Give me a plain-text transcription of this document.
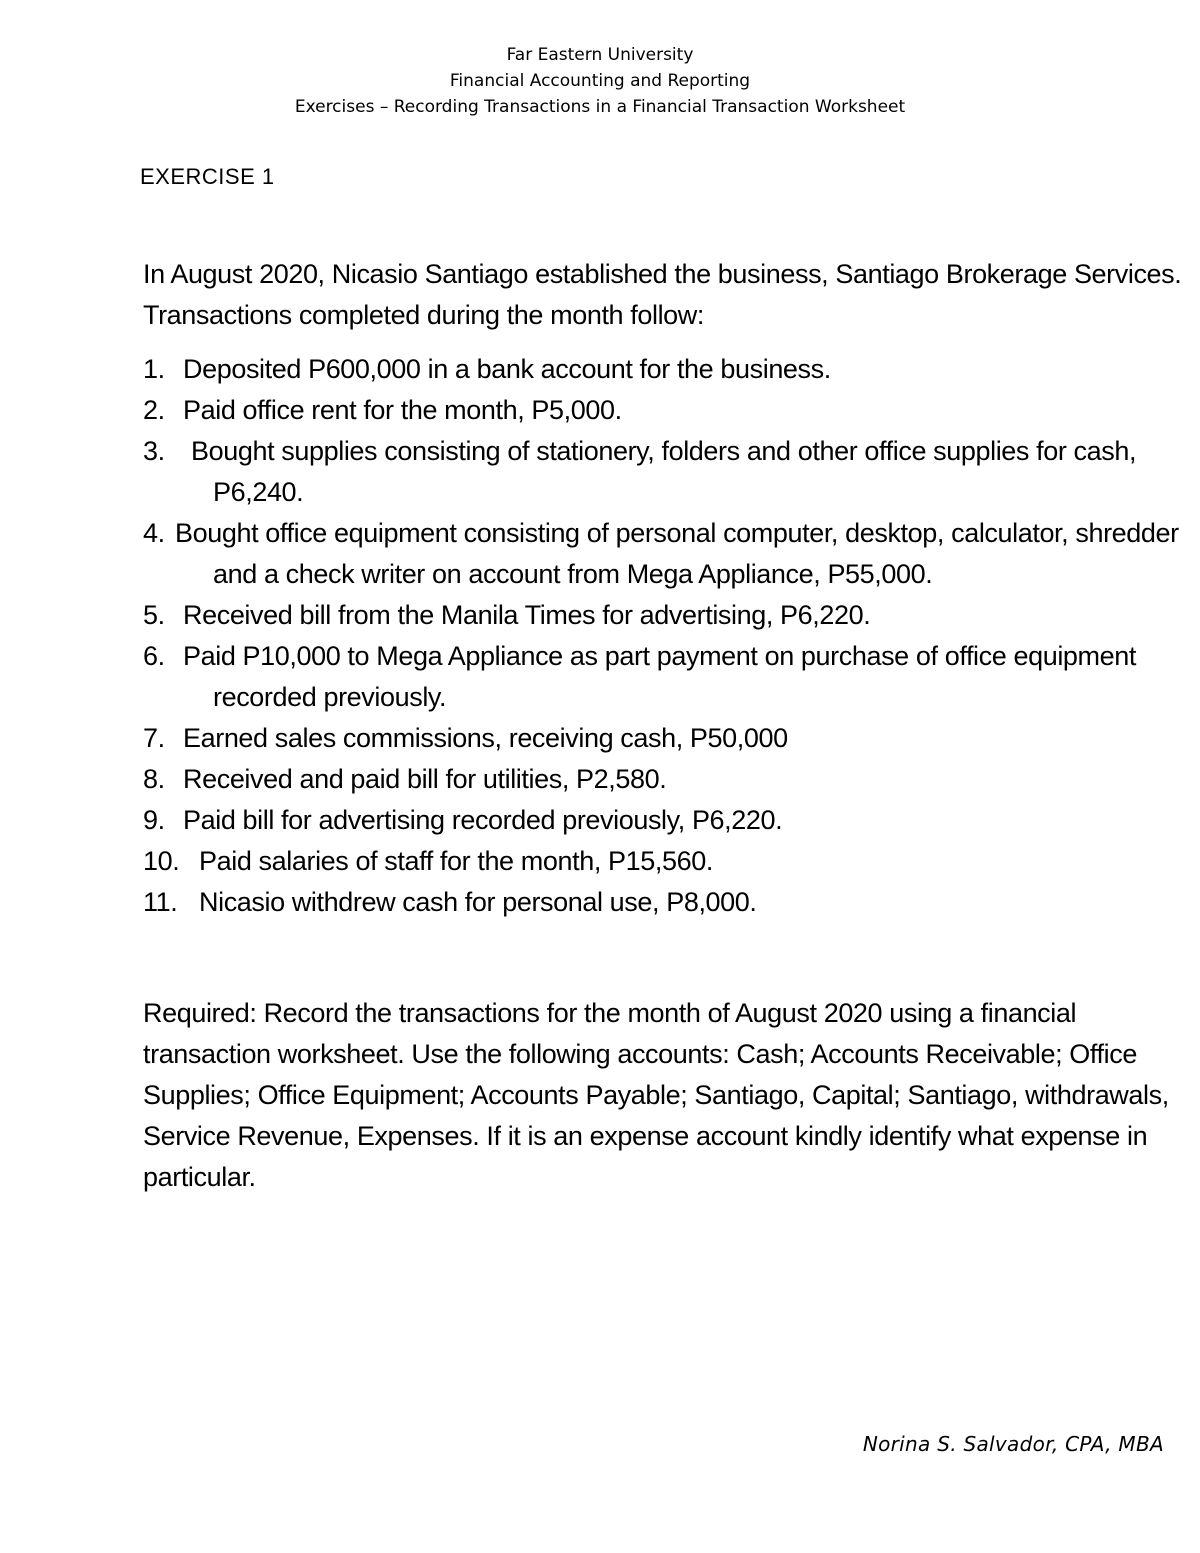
Far Eastern University
Financial Accounting and Reporting
Exercises – Recording Transactions in a Financial Transaction Worksheet
EXERCISE 1
In August 2020, Nicasio Santiago established the business, Santiago Brokerage Services. Transactions completed during the month follow:
1. Deposited P600,000 in a bank account for the business.
2. Paid office rent for the month, P5,000.
3. Bought supplies consisting of stationery, folders and other office supplies for cash, P6,240.
4. Bought office equipment consisting of personal computer, desktop, calculator, shredder and a check writer on account from Mega Appliance, P55,000.
5. Received bill from the Manila Times for advertising, P6,220.
6. Paid P10,000 to Mega Appliance as part payment on purchase of office equipment recorded previously.
7. Earned sales commissions, receiving cash, P50,000
8. Received and paid bill for utilities, P2,580.
9. Paid bill for advertising recorded previously, P6,220.
10. Paid salaries of staff for the month, P15,560.
11. Nicasio withdrew cash for personal use, P8,000.
Required: Record the transactions for the month of August 2020 using a financial transaction worksheet. Use the following accounts: Cash; Accounts Receivable; Office Supplies; Office Equipment; Accounts Payable; Santiago, Capital; Santiago, withdrawals, Service Revenue, Expenses. If it is an expense account kindly identify what expense in particular.
Norina S. Salvador, CPA, MBA
